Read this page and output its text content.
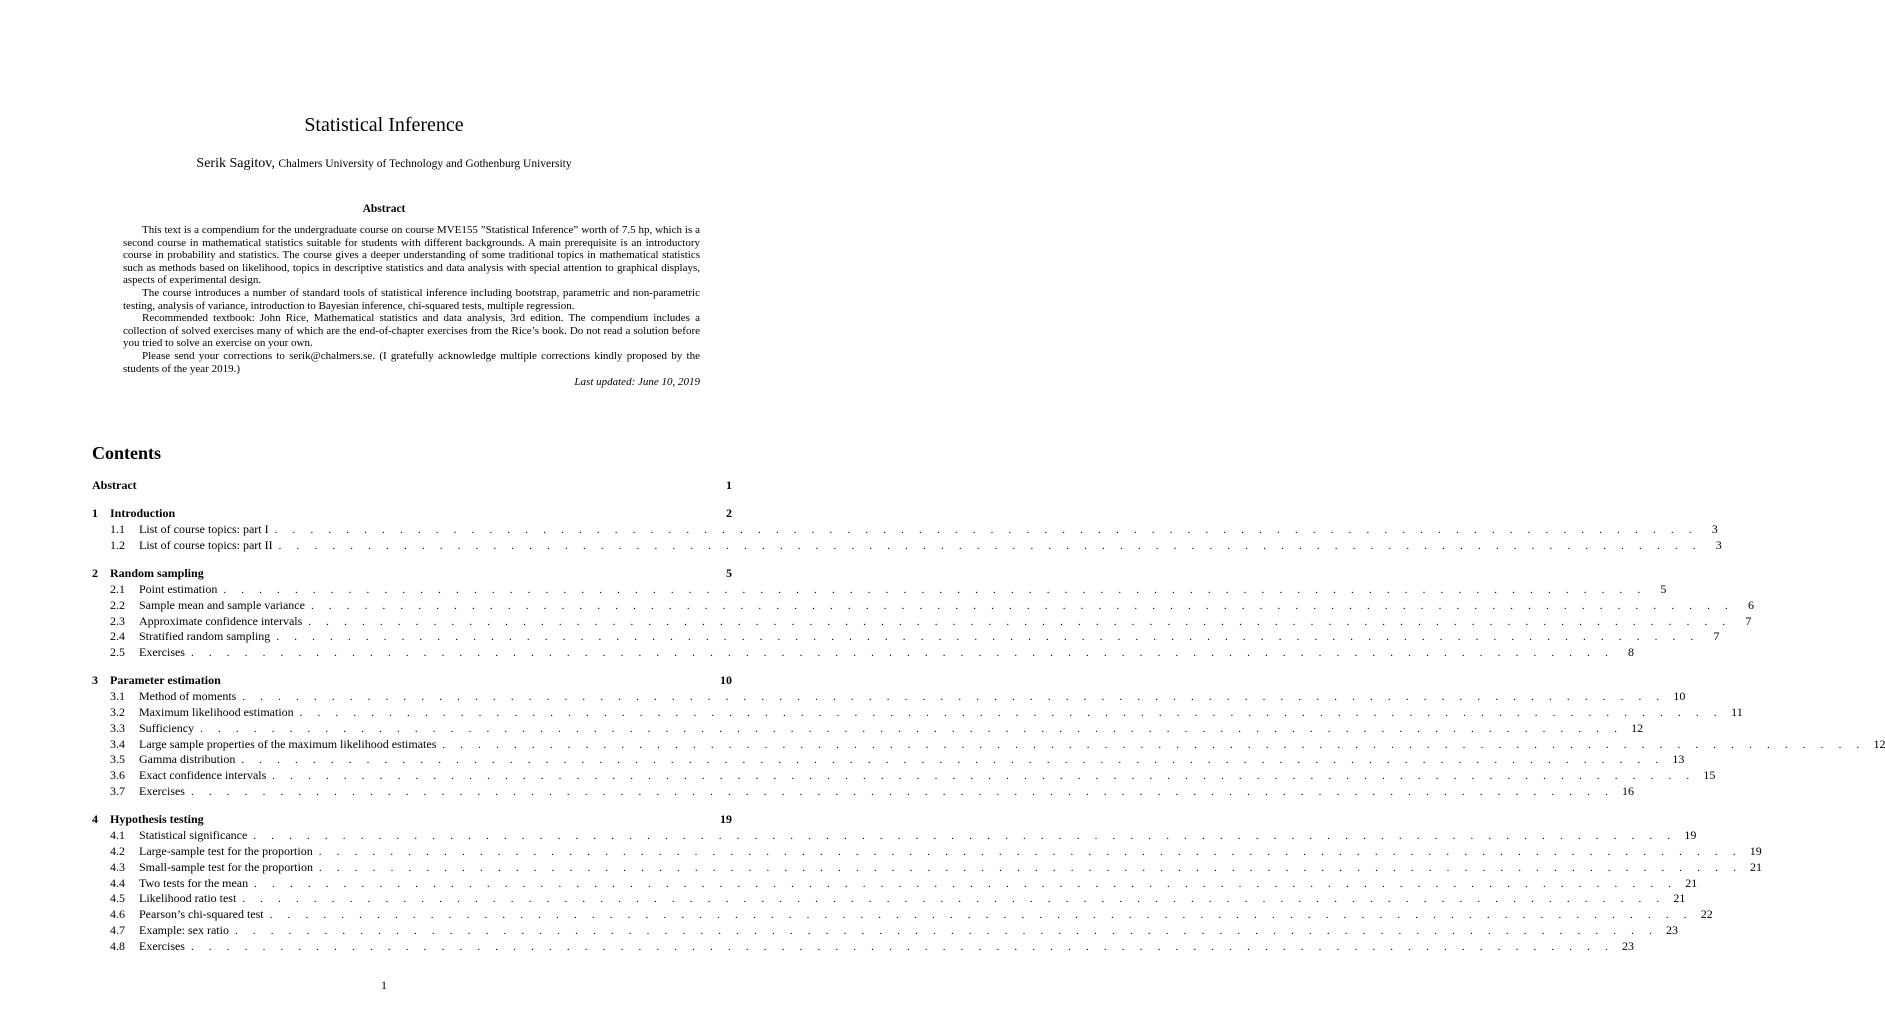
Statistical Inference
Serik Sagitov, Chalmers University of Technology and Gothenburg University
Abstract

This text is a compendium for the undergraduate course on course MVE155 ”Statistical Inference” worth of 7.5 hp, which is a second course in mathematical statistics suitable for students with different backgrounds. A main prerequisite is an introductory course in probability and statistics. The course gives a deeper understanding of some traditional topics in mathematical statistics such as methods based on likelihood, topics in descriptive statistics and data analysis with special attention to graphical displays, aspects of experimental design.

The course introduces a number of standard tools of statistical inference including bootstrap, parametric and non-parametric testing, analysis of variance, introduction to Bayesian inference, chi-squared tests, multiple regression.

Recommended textbook: John Rice, Mathematical statistics and data analysis, 3rd edition. The compendium includes a collection of solved exercises many of which are the end-of-chapter exercises from the Rice’s book. Do not read a solution before you tried to solve an exercise on your own.

Please send your corrections to serik@chalmers.se. (I gratefully acknowledge multiple corrections kindly proposed by the students of the year 2019.)

Last updated: June 10, 2019
Contents
Abstract	1
1	Introduction	2
1.1	List of course topics: part I . . . . . . . . . . . . . . . . . . . . . . . . . . . . . . . . . . . . . . . . . . . . . . . . . . . . . . . . . . . . . . . . . . . . . . . . . . . . . . . .	3
1.2	List of course topics: part II . . . . . . . . . . . . . . . . . . . . . . . . . . . . . . . . . . . . . . . . . . . . . . . . . . . . . . . . . . . . . . . . . . . . . . . . . . . . . . . .	3
2	Random sampling	5
2.1	Point estimation . . . . . . . . . . . . . . . . . . . . . . . . . . . . . . . . . . . . . . . . . . . . . . . . . . . . . . . . . . . . . . . . . . . . . . . . . . . . . . . .	5
2.2	Sample mean and sample variance . . . . . . . . . . . . . . . . . . . . . . . . . . . . . . . . . . . . . . . . . . . . . . . . . . . . . . . . . . . . . . . . . . . . . . . . . . . . . . . .	6
2.3	Approximate confidence intervals . . . . . . . . . . . . . . . . . . . . . . . . . . . . . . . . . . . . . . . . . . . . . . . . . . . . . . . . . . . . . . . . . . . . . . . . . . . . . . . .	7
2.4	Stratified random sampling . . . . . . . . . . . . . . . . . . . . . . . . . . . . . . . . . . . . . . . . . . . . . . . . . . . . . . . . . . . . . . . . . . . . . . . . . . . . . . . .	7
2.5	Exercises . . . . . . . . . . . . . . . . . . . . . . . . . . . . . . . . . . . . . . . . . . . . . . . . . . . . . . . . . . . . . . . . . . . . . . . . . . . . . . . .	8
3	Parameter estimation	10
3.1	Method of moments . . . . . . . . . . . . . . . . . . . . . . . . . . . . . . . . . . . . . . . . . . . . . . . . . . . . . . . . . . . . . . . . . . . . . . . . . . . . . . . . 10
3.2	Maximum likelihood estimation . . . . . . . . . . . . . . . . . . . . . . . . . . . . . . . . . . . . . . . . . . . . . . . . . . . . . . . . . . . . . . . . . . . . . . . . . . . . . . . . 11
3.3	Sufficiency . . . . . . . . . . . . . . . . . . . . . . . . . . . . . . . . . . . . . . . . . . . . . . . . . . . . . . . . . . . . . . . . . . . . . . . . . . . . . . . . 12
3.4	Large sample properties of the maximum likelihood estimates . . . . . . . . . . . . . . . . . . . . . . . . . . . . . . . . . . . . . . . . . . . . . . . . . . . . . . . . . . . . . . . . . . . . . . . . . . . . . . . . 12
3.5	Gamma distribution . . . . . . . . . . . . . . . . . . . . . . . . . . . . . . . . . . . . . . . . . . . . . . . . . . . . . . . . . . . . . . . . . . . . . . . . . . . . . . . . 13
3.6	Exact confidence intervals . . . . . . . . . . . . . . . . . . . . . . . . . . . . . . . . . . . . . . . . . . . . . . . . . . . . . . . . . . . . . . . . . . . . . . . . . . . . . . . . 15
3.7	Exercises . . . . . . . . . . . . . . . . . . . . . . . . . . . . . . . . . . . . . . . . . . . . . . . . . . . . . . . . . . . . . . . . . . . . . . . . . . . . . . . . 16
4	Hypothesis testing	19
4.1	Statistical significance . . . . . . . . . . . . . . . . . . . . . . . . . . . . . . . . . . . . . . . . . . . . . . . . . . . . . . . . . . . . . . . . . . . . . . . . . . . . . . . . 19
4.2	Large-sample test for the proportion . . . . . . . . . . . . . . . . . . . . . . . . . . . . . . . . . . . . . . . . . . . . . . . . . . . . . . . . . . . . . . . . . . . . . . . . . . . . . . . . 19
4.3	Small-sample test for the proportion . . . . . . . . . . . . . . . . . . . . . . . . . . . . . . . . . . . . . . . . . . . . . . . . . . . . . . . . . . . . . . . . . . . . . . . . . . . . . . . . 21
4.4	Two tests for the mean . . . . . . . . . . . . . . . . . . . . . . . . . . . . . . . . . . . . . . . . . . . . . . . . . . . . . . . . . . . . . . . . . . . . . . . . . . . . . . . . 21
4.5	Likelihood ratio test . . . . . . . . . . . . . . . . . . . . . . . . . . . . . . . . . . . . . . . . . . . . . . . . . . . . . . . . . . . . . . . . . . . . . . . . . . . . . . . . 21
4.6	Pearson’s chi-squared test . . . . . . . . . . . . . . . . . . . . . . . . . . . . . . . . . . . . . . . . . . . . . . . . . . . . . . . . . . . . . . . . . . . . . . . . . . . . . . . . 22
4.7	Example: sex ratio . . . . . . . . . . . . . . . . . . . . . . . . . . . . . . . . . . . . . . . . . . . . . . . . . . . . . . . . . . . . . . . . . . . . . . . . . . . . . . . . 23
4.8	Exercises . . . . . . . . . . . . . . . . . . . . . . . . . . . . . . . . . . . . . . . . . . . . . . . . . . . . . . . . . . . . . . . . . . . . . . . . . . . . . . . . 23
1
